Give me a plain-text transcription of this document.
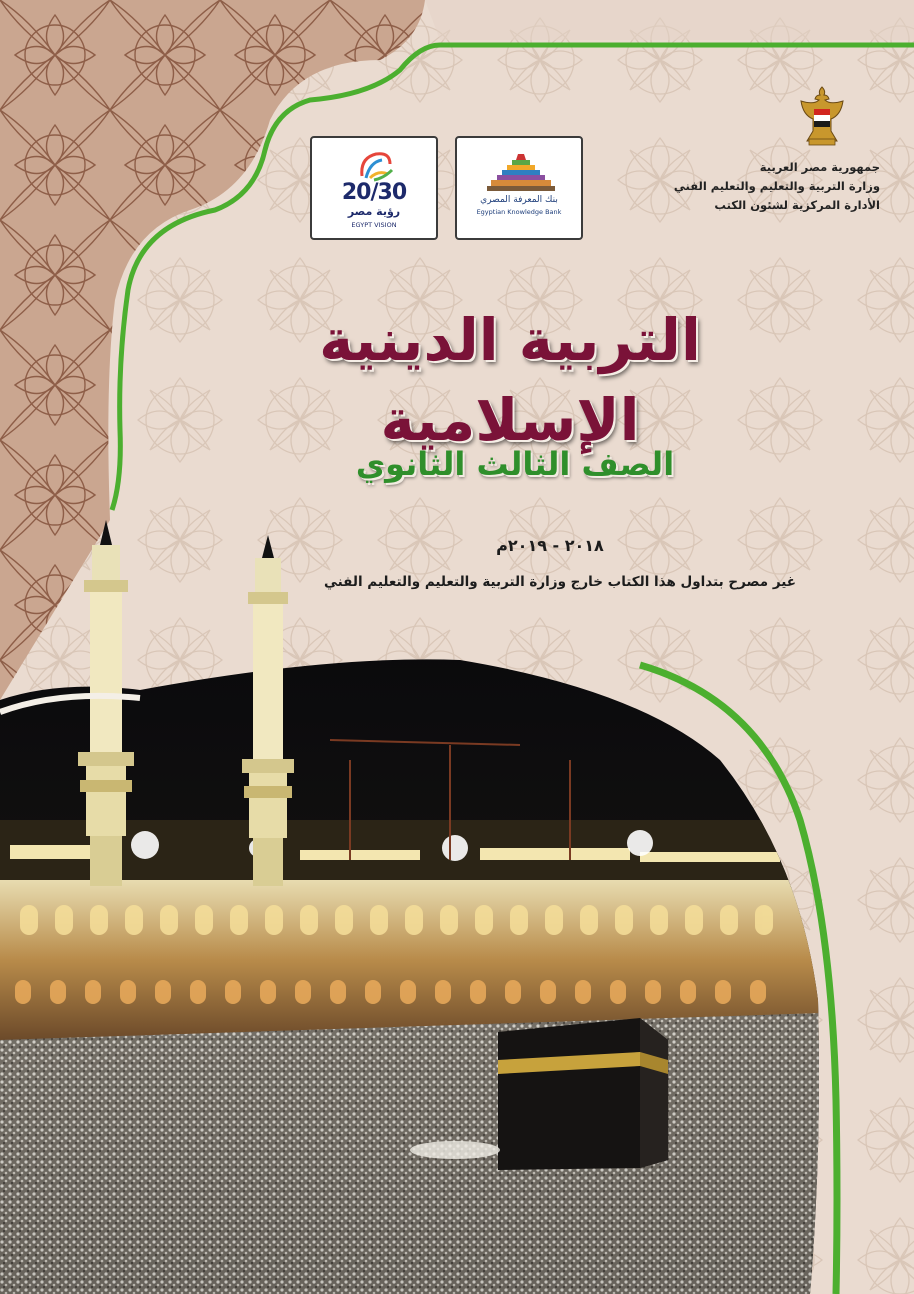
جمهورية مصر العربية
وزارة التربية والتعليم والتعليم الفني
الأدارة المركزية لشئون الكتب
20/30
رؤية مصر
EGYPT VISION
بنك المعرفة المصري
Egyptian Knowledge Bank
التربية الدينية الإسلامية
الصف الثالث الثانوي
٢٠١٨ - ٢٠١٩م
غير مصرح بتداول هذا الكتاب خارج وزارة التربية والتعليم والتعليم الفني
